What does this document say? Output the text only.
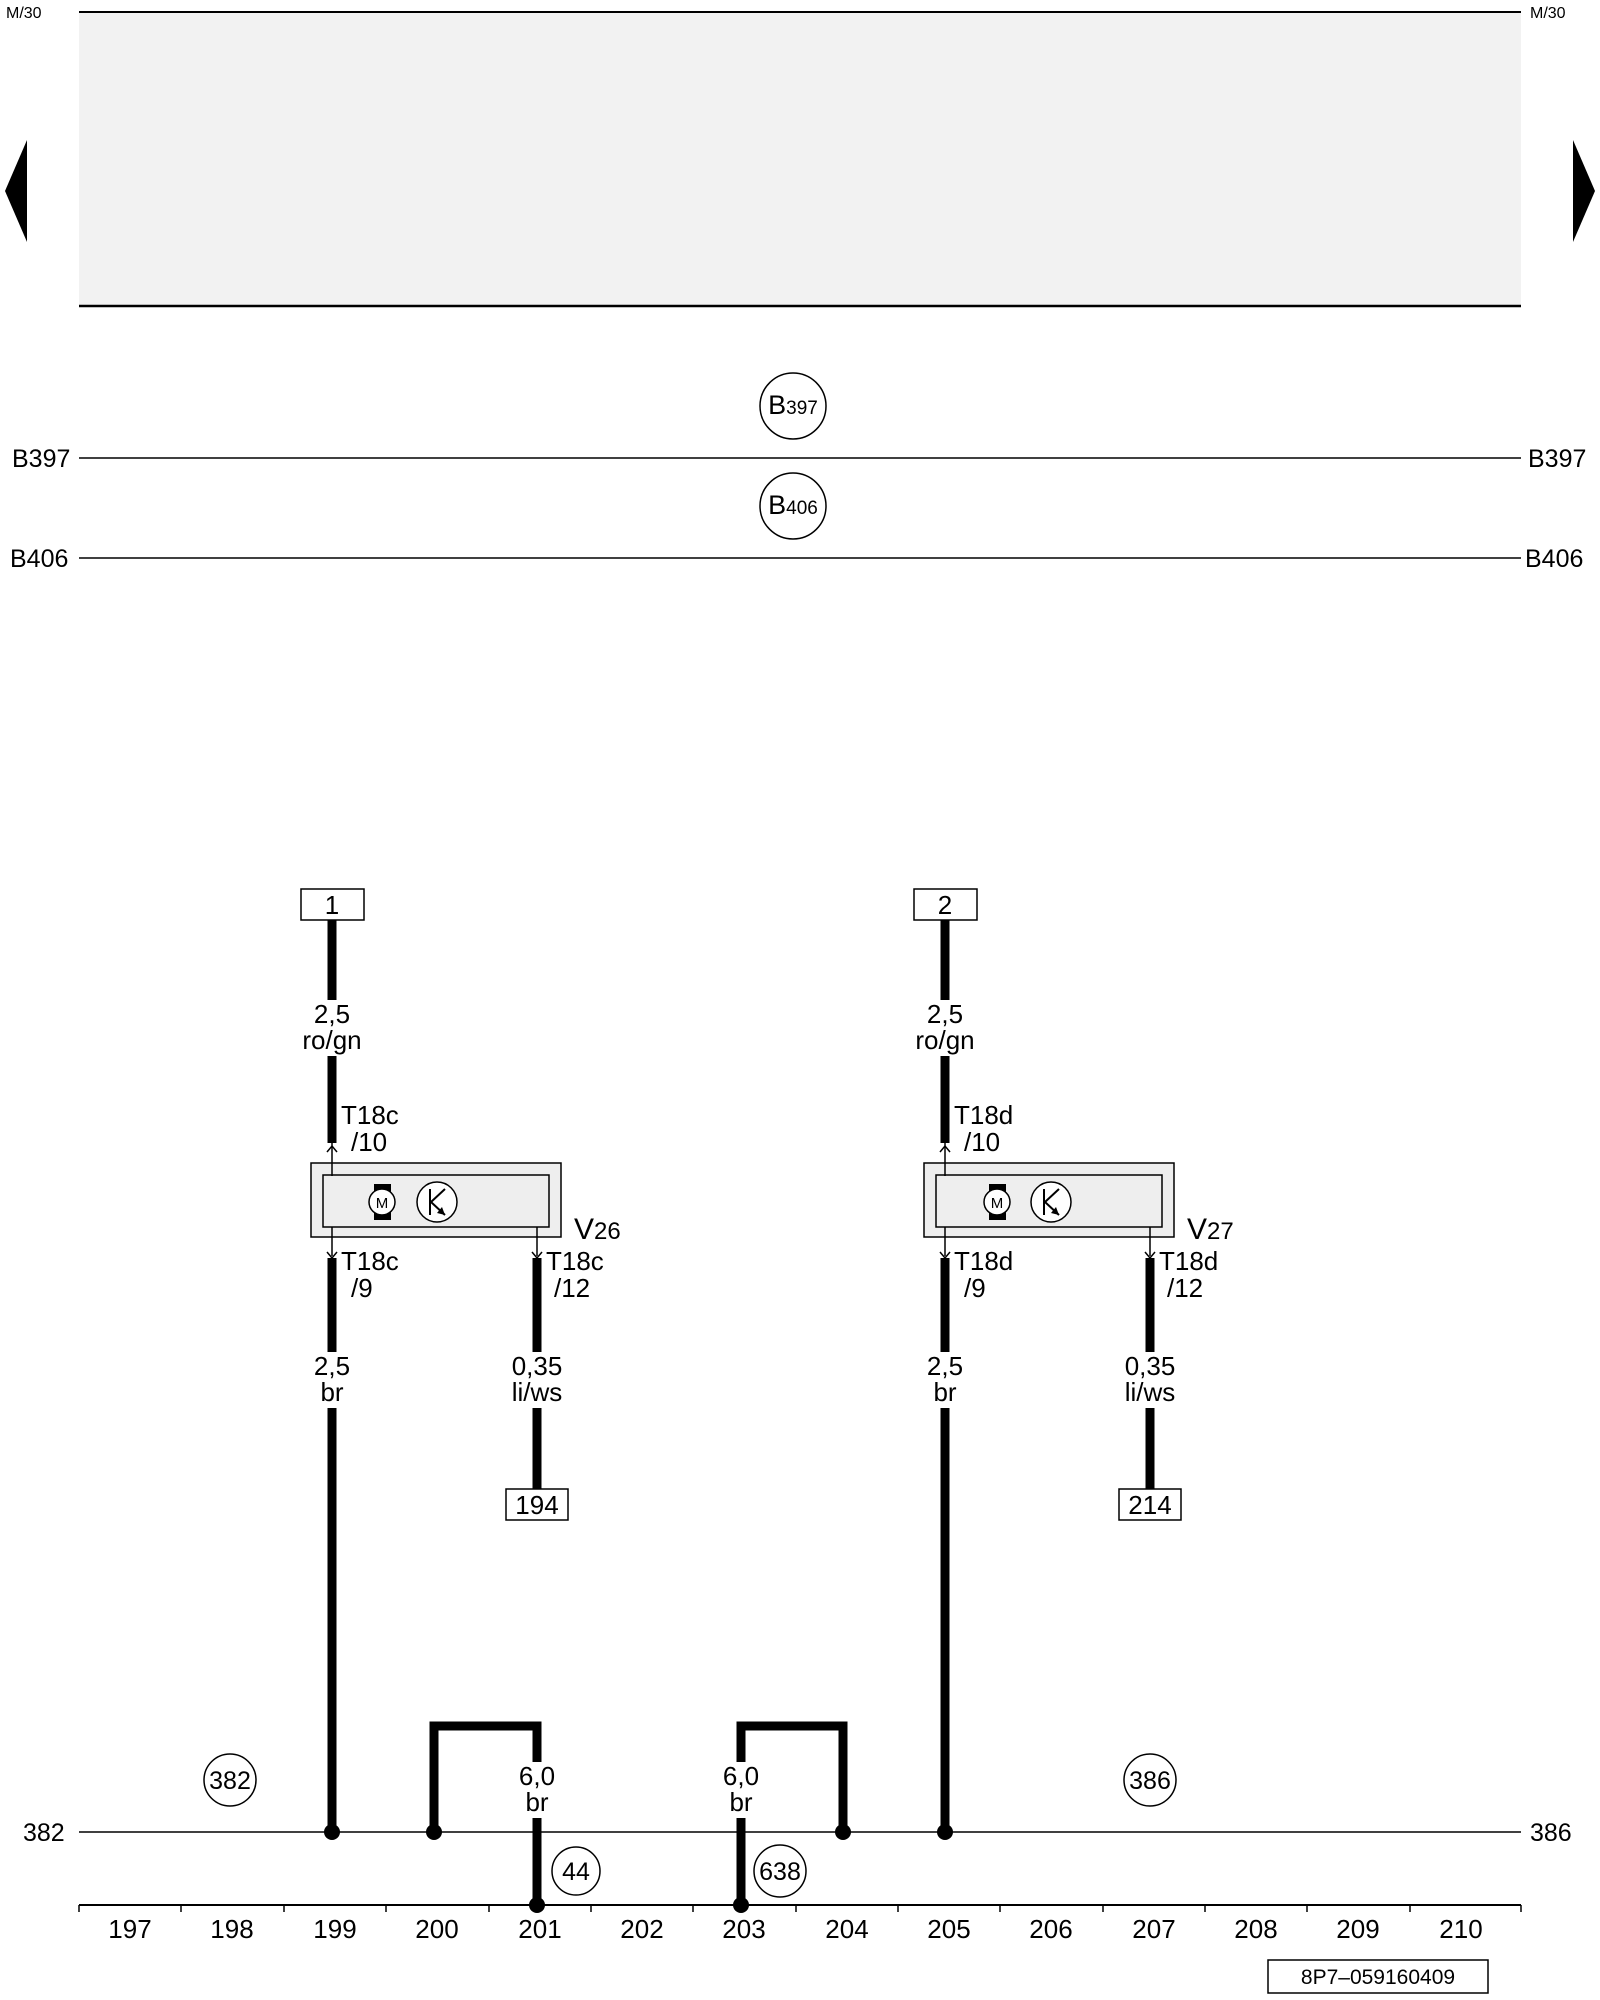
M/30	M/30
B397
B397	B397
B406
B406	B406
1
2,5
ro/gn
T18c
/10
M
V26
T18c
/9
T18c
/12
2,5
br
0,35
li/ws
194
2
2,5
ro/gn
T18d
/10
M
V27
T18d
/9
T18d
/12
2,5
br
0,35
li/ws
214
6,0
br
6,0
br
382	386
382	386
44	638
197 198 199 200 201 202 203 204 205 206 207 208 209 210
8P7–059160409
